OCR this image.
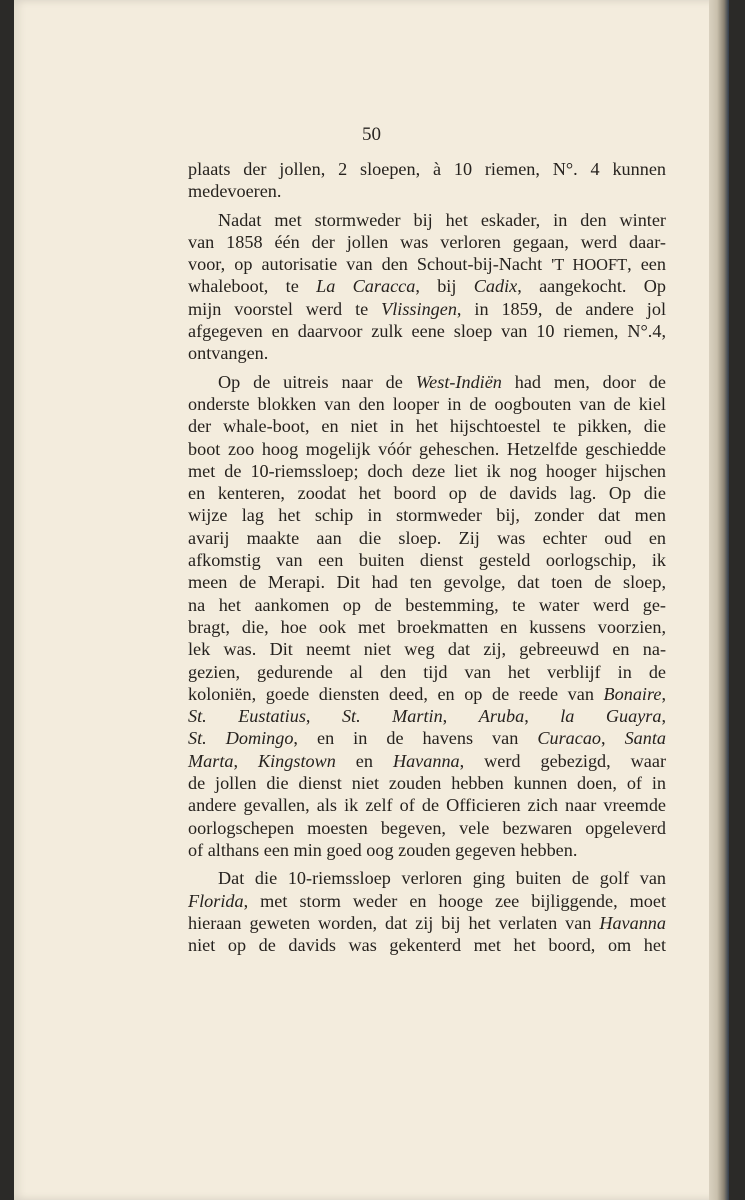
50
plaats der jollen, 2 sloepen, à 10 riemen, N°. 4 kunnen
medevoeren.
Nadat met stormweder bij het eskader, in den winter
van 1858 één der jollen was verloren gegaan, werd daar-
voor, op autorisatie van den Schout-bij-Nacht 'T HOOFT, een
whaleboot, te La Caracca, bij Cadix, aangekocht. Op
mijn voorstel werd te Vlissingen, in 1859, de andere jol
afgegeven en daarvoor zulk eene sloep van 10 riemen, N°.4,
ontvangen.
Op de uitreis naar de West-Indiën had men, door de
onderste blokken van den looper in de oogbouten van de kiel
der whale-boot, en niet in het hijschtoestel te pikken, die
boot zoo hoog mogelijk vóór geheschen. Hetzelfde geschiedde
met de 10-riemssloep; doch deze liet ik nog hooger hijschen
en kenteren, zoodat het boord op de davids lag. Op die
wijze lag het schip in stormweder bij, zonder dat men
avarij maakte aan die sloep. Zij was echter oud en
afkomstig van een buiten dienst gesteld oorlogschip, ik
meen de Merapi. Dit had ten gevolge, dat toen de sloep,
na het aankomen op de bestemming, te water werd ge-
bragt, die, hoe ook met broekmatten en kussens voorzien,
lek was. Dit neemt niet weg dat zij, gebreeuwd en na-
gezien, gedurende al den tijd van het verblijf in de
koloniën, goede diensten deed, en op de reede van Bonaire,
St. Eustatius, St. Martin, Aruba, la Guayra,
St. Domingo, en in de havens van Curacao, Santa
Marta, Kingstown en Havanna, werd gebezigd, waar
de jollen die dienst niet zouden hebben kunnen doen, of in
andere gevallen, als ik zelf of de Officieren zich naar vreemde
oorlogschepen moesten begeven, vele bezwaren opgeleverd
of althans een min goed oog zouden gegeven hebben.
Dat die 10-riemssloep verloren ging buiten de golf van
Florida, met storm weder en hooge zee bijliggende, moet
hieraan geweten worden, dat zij bij het verlaten van Havanna
niet op de davids was gekenterd met het boord, om het
